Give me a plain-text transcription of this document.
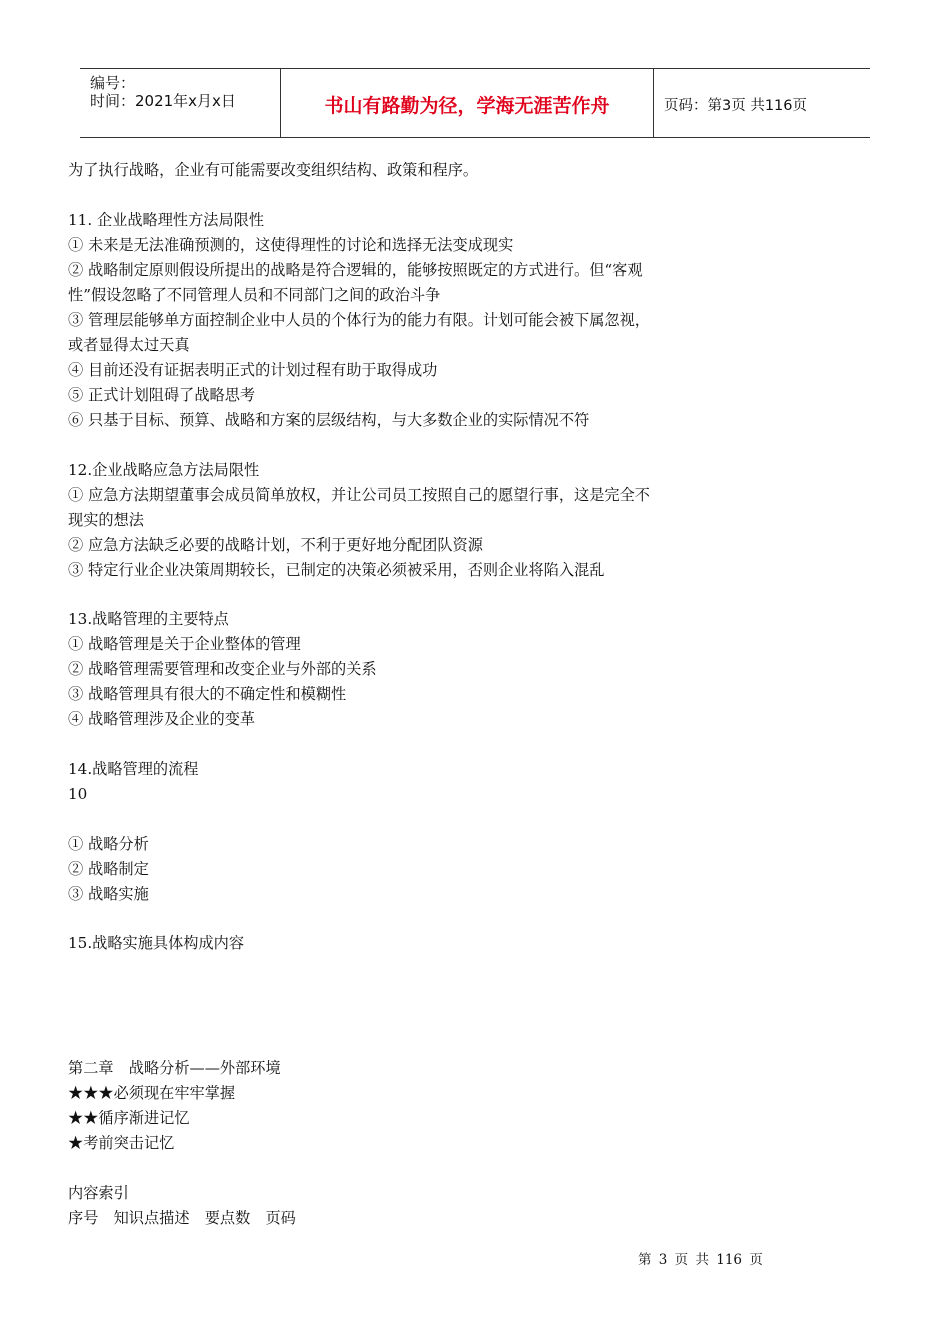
编号：
时间：2021年x月x日	书山有路勤为径，学海无涯苦作舟	页码：第3页 共116页
为了执行战略，企业有可能需要改变组织结构、政策和程序。
11. 企业战略理性方法局限性
① 未来是无法准确预测的，这使得理性的讨论和选择无法变成现实
② 战略制定原则假设所提出的战略是符合逻辑的，能够按照既定的方式进行。但“客观
性”假设忽略了不同管理人员和不同部门之间的政治斗争
③ 管理层能够单方面控制企业中人员的个体行为的能力有限。计划可能会被下属忽视，
或者显得太过天真
④ 目前还没有证据表明正式的计划过程有助于取得成功
⑤ 正式计划阻碍了战略思考
⑥ 只基于目标、预算、战略和方案的层级结构，与大多数企业的实际情况不符
12.企业战略应急方法局限性
① 应急方法期望董事会成员简单放权，并让公司员工按照自己的愿望行事，这是完全不
现实的想法
② 应急方法缺乏必要的战略计划，不利于更好地分配团队资源
③ 特定行业企业决策周期较长，已制定的决策必须被采用，否则企业将陷入混乱
13.战略管理的主要特点
① 战略管理是关于企业整体的管理
② 战略管理需要管理和改变企业与外部的关系
③ 战略管理具有很大的不确定性和模糊性
④ 战略管理涉及企业的变革
14.战略管理的流程
10
① 战略分析
② 战略制定
③ 战略实施
15.战略实施具体构成内容
第二章　战略分析——外部环境
★★★必须现在牢牢掌握
★★循序渐进记忆
★考前突击记忆
内容索引
序号　知识点描述　要点数　页码
第 3 页 共 116 页
